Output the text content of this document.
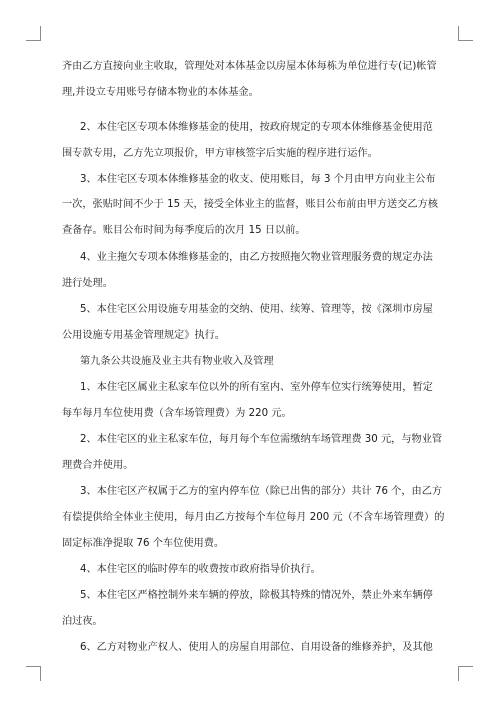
齐由乙方直接向业主收取，管理处对本体基金以房屋本体每栋为单位进行专(记)帐管
理,并设立专用账号存储本物业的本体基金。
2、本住宅区专项本体维修基金的使用，按政府规定的专项本体维修基金使用范
围专款专用，乙方先立项报价，甲方审核签字后实施的程序进行运作。
3、本住宅区专项本体维修基金的收支、使用账目，每 3 个月由甲方向业主公布
一次，张贴时间不少于 15 天，接受全体业主的监督，账目公布前由甲方送交乙方核
查备存。账目公布时间为每季度后的次月 15 日以前。
4、业主拖欠专项本体维修基金的，由乙方按照拖欠物业管理服务费的规定办法
进行处理。
5、本住宅区公用设施专用基金的交纳、使用、续筹、管理等，按《深圳市房屋
公用设施专用基金管理规定》执行。
第九条公共设施及业主共有物业收入及管理
1、本住宅区属业主私家车位以外的所有室内、室外停车位实行统筹使用，暂定
每车每月车位使用费（含车场管理费）为 220 元。
2、本住宅区的业主私家车位，每月每个车位需缴纳车场管理费 30 元，与物业管
理费合并使用。
3、本住宅区产权属于乙方的室内停车位（除已出售的部分）共计 76 个，由乙方
有偿提供给全体业主使用，每月由乙方按每个车位每月 200 元（不含车场管理费）的
固定标准净提取 76 个车位使用费。
4、本住宅区的临时停车的收费按市政府指导价执行。
5、本住宅区严格控制外来车辆的停放，除极其特殊的情况外，禁止外来车辆停
泊过夜。
6、乙方对物业产权人、使用人的房屋自用部位、自用设备的维修养护，及其他
